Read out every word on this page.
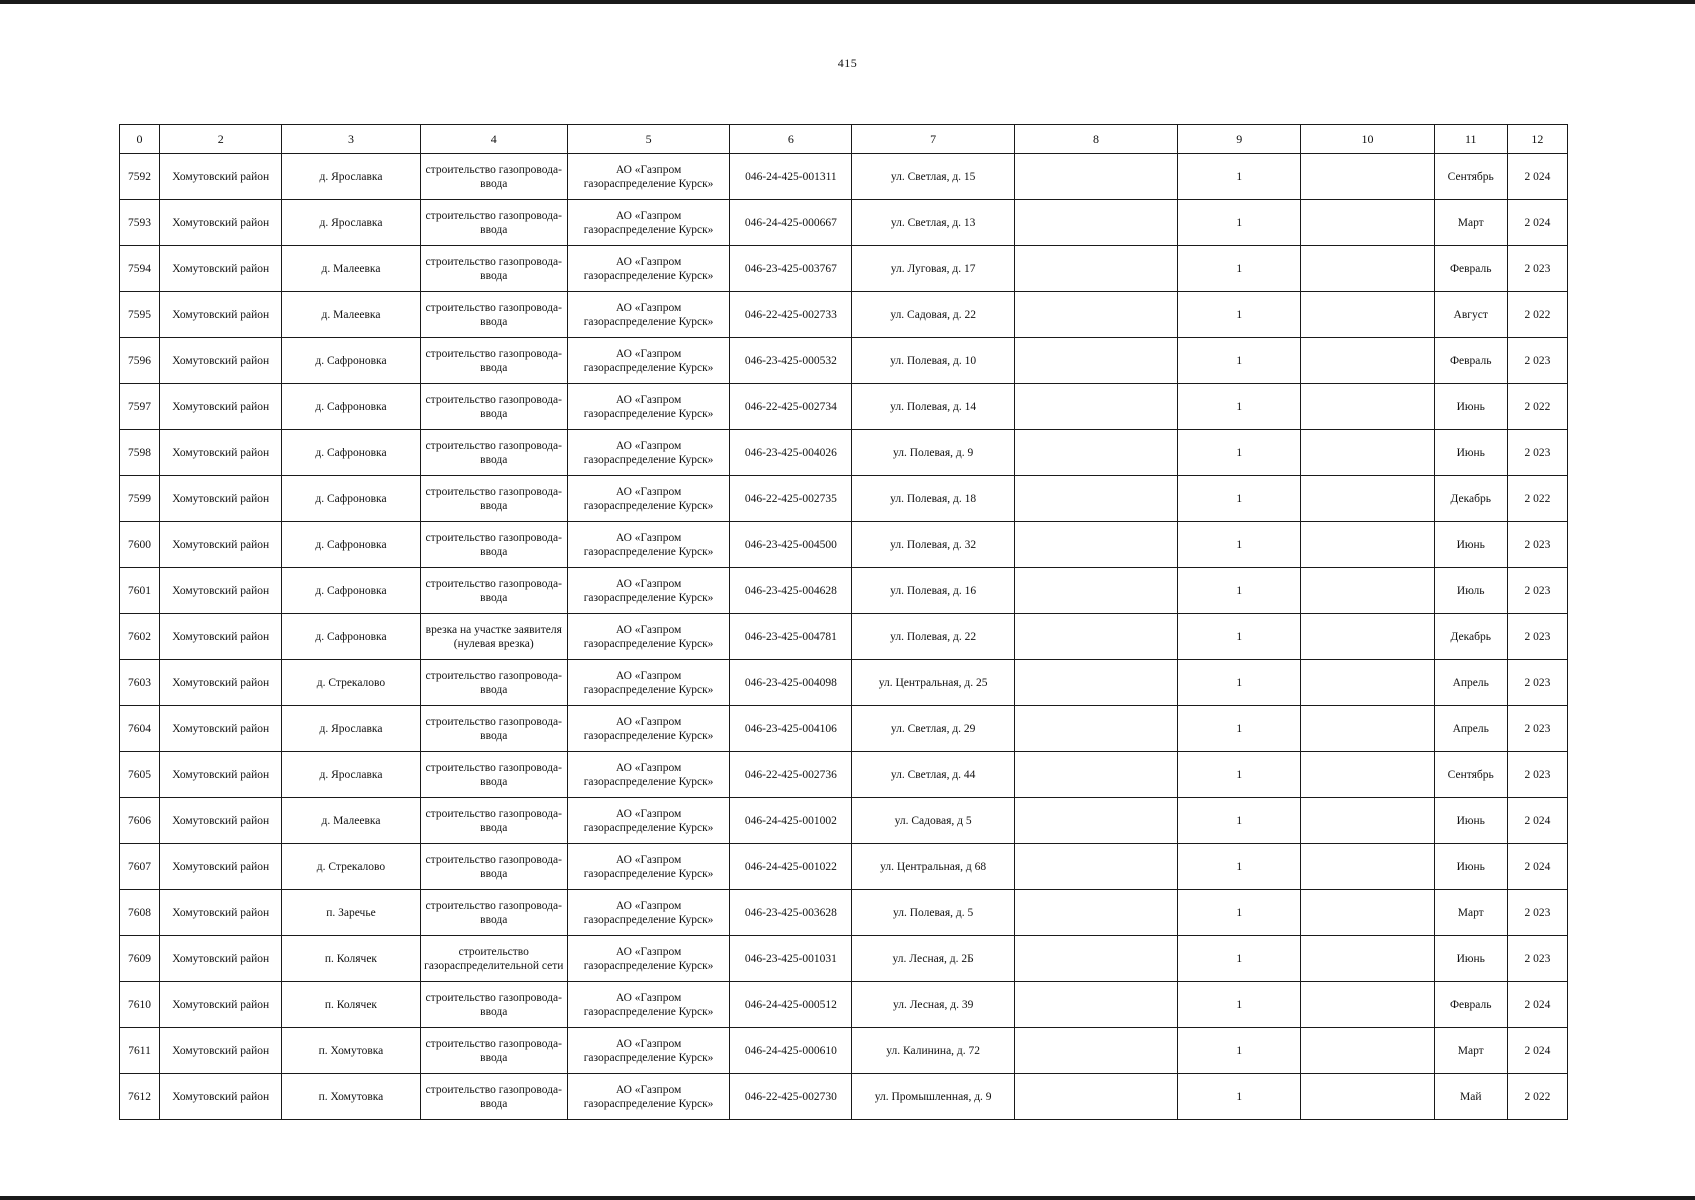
415
0	2	3	4	5	6	7	8	9	10	11	12
7592	Хомутовский район	д. Ярославка	строительство газопровода-ввода	АО «Газпром газораспределение Курск»	046-24-425-001311	ул. Светлая, д. 15		1		Сентябрь	2 024
7593	Хомутовский район	д. Ярославка	строительство газопровода-ввода	АО «Газпром газораспределение Курск»	046-24-425-000667	ул. Светлая, д. 13		1		Март	2 024
7594	Хомутовский район	д. Малеевка	строительство газопровода-ввода	АО «Газпром газораспределение Курск»	046-23-425-003767	ул. Луговая, д. 17		1		Февраль	2 023
7595	Хомутовский район	д. Малеевка	строительство газопровода-ввода	АО «Газпром газораспределение Курск»	046-22-425-002733	ул. Садовая, д. 22		1		Август	2 022
7596	Хомутовский район	д. Сафроновка	строительство газопровода-ввода	АО «Газпром газораспределение Курск»	046-23-425-000532	ул. Полевая, д. 10		1		Февраль	2 023
7597	Хомутовский район	д. Сафроновка	строительство газопровода-ввода	АО «Газпром газораспределение Курск»	046-22-425-002734	ул. Полевая, д. 14		1		Июнь	2 022
7598	Хомутовский район	д. Сафроновка	строительство газопровода-ввода	АО «Газпром газораспределение Курск»	046-23-425-004026	ул. Полевая, д. 9		1		Июнь	2 023
7599	Хомутовский район	д. Сафроновка	строительство газопровода-ввода	АО «Газпром газораспределение Курск»	046-22-425-002735	ул. Полевая, д. 18		1		Декабрь	2 022
7600	Хомутовский район	д. Сафроновка	строительство газопровода-ввода	АО «Газпром газораспределение Курск»	046-23-425-004500	ул. Полевая, д. 32		1		Июнь	2 023
7601	Хомутовский район	д. Сафроновка	строительство газопровода-ввода	АО «Газпром газораспределение Курск»	046-23-425-004628	ул. Полевая, д. 16		1		Июль	2 023
7602	Хомутовский район	д. Сафроновка	врезка на участке заявителя (нулевая врезка)	АО «Газпром газораспределение Курск»	046-23-425-004781	ул. Полевая, д. 22		1		Декабрь	2 023
7603	Хомутовский район	д. Стрекалово	строительство газопровода-ввода	АО «Газпром газораспределение Курск»	046-23-425-004098	ул. Центральная, д. 25		1		Апрель	2 023
7604	Хомутовский район	д. Ярославка	строительство газопровода-ввода	АО «Газпром газораспределение Курск»	046-23-425-004106	ул. Светлая, д. 29		1		Апрель	2 023
7605	Хомутовский район	д. Ярославка	строительство газопровода-ввода	АО «Газпром газораспределение Курск»	046-22-425-002736	ул. Светлая, д. 44		1		Сентябрь	2 023
7606	Хомутовский район	д. Малеевка	строительство газопровода-ввода	АО «Газпром газораспределение Курск»	046-24-425-001002	ул. Садовая, д 5		1		Июнь	2 024
7607	Хомутовский район	д. Стрекалово	строительство газопровода-ввода	АО «Газпром газораспределение Курск»	046-24-425-001022	ул. Центральная, д 68		1		Июнь	2 024
7608	Хомутовский район	п. Заречье	строительство газопровода-ввода	АО «Газпром газораспределение Курск»	046-23-425-003628	ул. Полевая, д. 5		1		Март	2 023
7609	Хомутовский район	п. Колячек	строительство газораспределительной сети	АО «Газпром газораспределение Курск»	046-23-425-001031	ул. Лесная, д. 2Б		1		Июнь	2 023
7610	Хомутовский район	п. Колячек	строительство газопровода-ввода	АО «Газпром газораспределение Курск»	046-24-425-000512	ул. Лесная, д. 39		1		Февраль	2 024
7611	Хомутовский район	п. Хомутовка	строительство газопровода-ввода	АО «Газпром газораспределение Курск»	046-24-425-000610	ул. Калинина, д. 72		1		Март	2 024
7612	Хомутовский район	п. Хомутовка	строительство газопровода-ввода	АО «Газпром газораспределение Курск»	046-22-425-002730	ул. Промышленная, д. 9		1		Май	2 022
